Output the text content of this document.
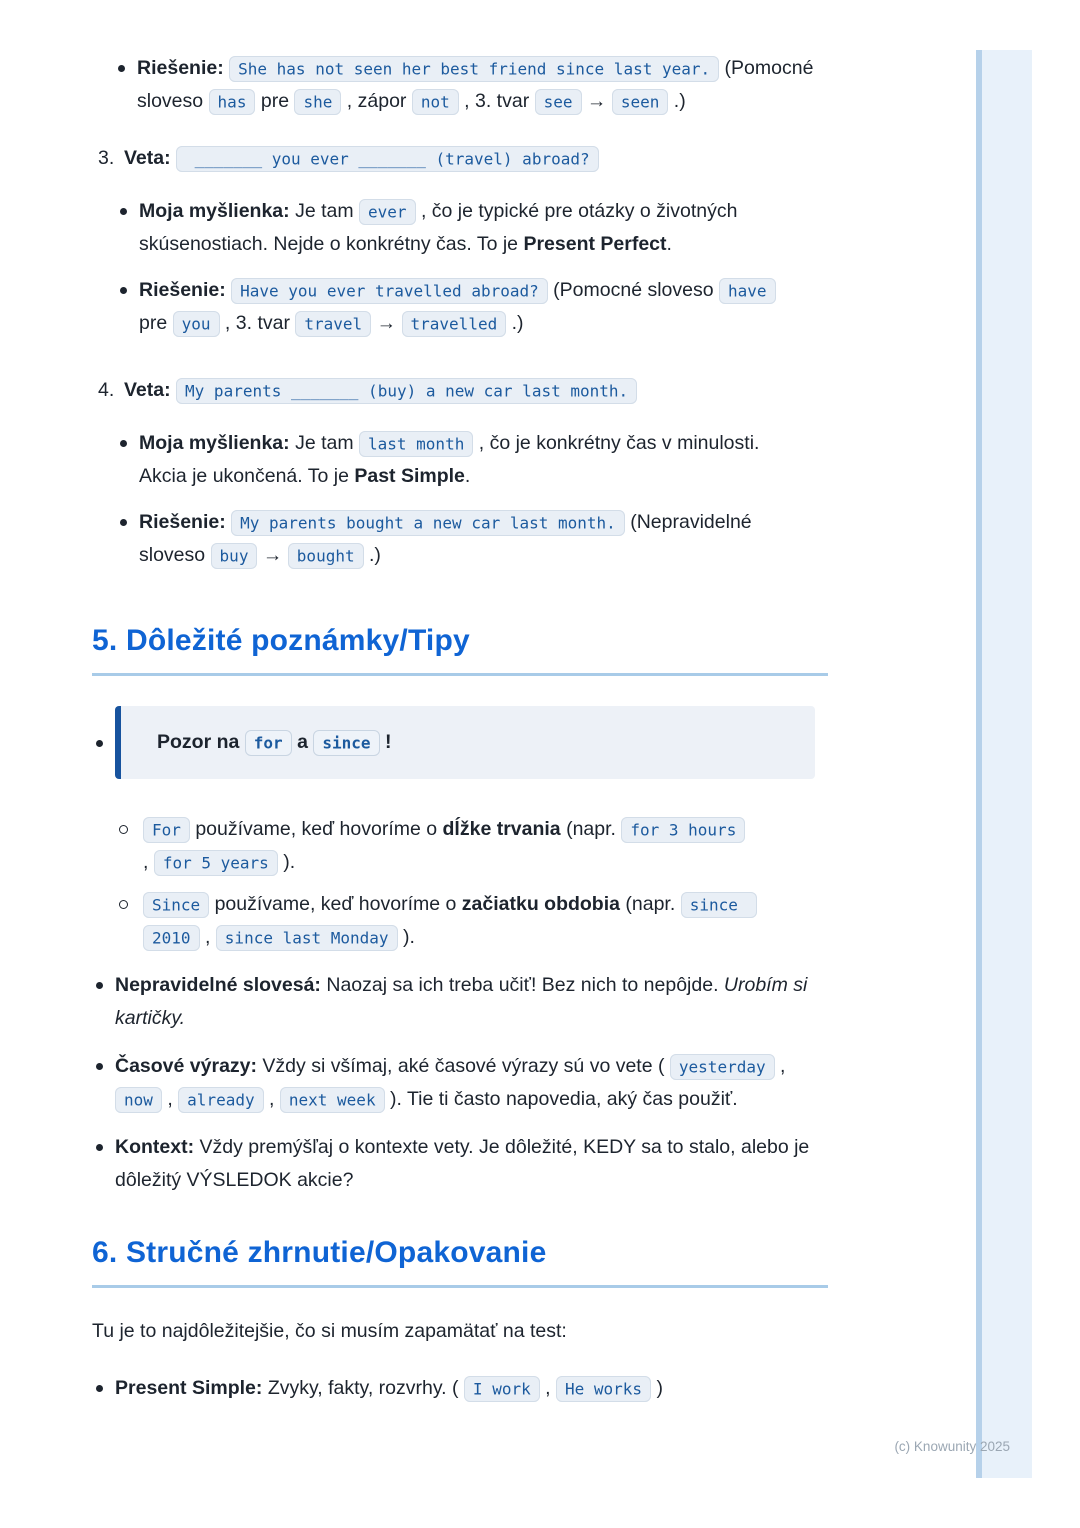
Riešenie: She has not seen her best friend since last year. (Pomocné sloveso has pre she , zápor not , 3. tvar see → seen .)

3. Veta:  _______ you ever _______ (travel) abroad?

Moja myšlienka: Je tam ever , čo je typické pre otázky o životných skúsenostiach. Nejde o konkrétny čas. To je Present Perfect.

Riešenie: Have you ever travelled abroad? (Pomocné sloveso have pre you , 3. tvar travel → travelled .)

4. Veta: My parents _______ (buy) a new car last month.

Moja myšlienka: Je tam last month , čo je konkrétny čas v minulosti. Akcia je ukončená. To je Past Simple.

Riešenie: My parents bought a new car last month. (Nepravidelné sloveso buy → bought .)

5. Dôležité poznámky/Tipy

Pozor na for a since !

For používame, keď hovoríme o dĺžke trvania (napr. for 3 hours , for 5 years ).

Since používame, keď hovoríme o začiatku obdobia (napr. since 2010 , since last Monday ).

Nepravidelné slovesá: Naozaj sa ich treba učiť! Bez nich to nepôjde. Urobím si kartičky.

Časové výrazy: Vždy si všímaj, aké časové výrazy sú vo vete ( yesterday , now , already , next week ). Tie ti často napovedia, aký čas použiť.

Kontext: Vždy premýšľaj o kontexte vety. Je dôležité, KEDY sa to stalo, alebo je dôležitý VÝSLEDOK akcie?

6. Stručné zhrnutie/Opakovanie

Tu je to najdôležitejšie, čo si musím zapamätať na test:

Present Simple: Zvyky, fakty, rozvrhy. ( I work , He works )

(c) Knowunity 2025
